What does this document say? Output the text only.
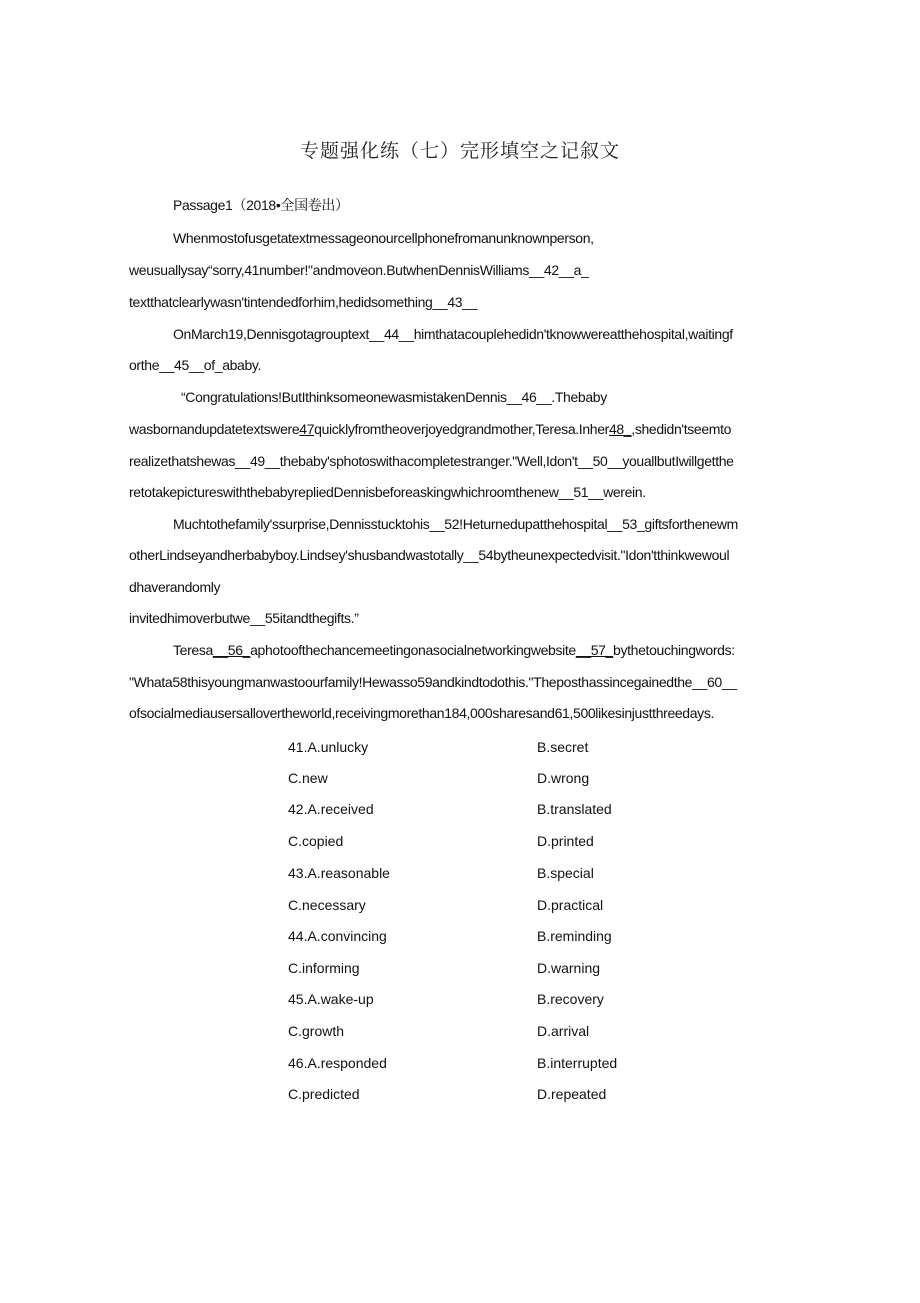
专题强化练（七）完形填空之记叙文
Passage1（2018•全国卷出）
Whenmostofusgetatextmessageonourcellphonefromanunknownperson,
weusuallysay“sorry,41number!"andmoveon.ButwhenDennisWilliams__42__a_
textthatclearlywasn'tintendedforhim,hedidsomething__43__
OnMarch19,Dennisgotagrouptext__44__himthatacouplehedidn'tknowwereatthehospital,waitingf
orthe__45__of_ababy.
“Congratulations!ButIthinksomeonewasmistakenDennis__46__.Thebaby
wasbornandupdatetextswere47quicklyfromtheoverjoyedgrandmother,Teresa.Inher48_,shedidn'tseemto
realizethatshewas__49__thebaby'sphotoswithacompletestranger."Well,Idon't__50__youallbutIwillgetthe
retotakepictureswiththebabyrepliedDennisbeforeaskingwhichroomthenew__51__werein.
Muchtothefamily'ssurprise,Dennisstucktohis__52!Heturnedupatthehospital__53_giftsforthenewm
otherLindseyandherbabyboy.Lindsey'shusbandwastotally__54bytheunexpectedvisit."Idon'tthinkwewoul
dhaverandomly
invitedhimoverbutwe__55itandthegifts.”
Teresa__56_aphotoofthechancemeetingonasocialnetworkingwebsite__57_bythetouchingwords:
"Whata58thisyoungmanwastoourfamily!Hewasso59andkindtodothis."Theposthassincegainedthe__60__
ofsocialmediausersallovertheworld,receivingmorethan184,000sharesand61,500likesinjustthreedays.
41.A.unlucky	B.secret
C.new	D.wrong
42.A.received	B.translated
C.copied	D.printed
43.A.reasonable	B.special
C.necessary	D.practical
44.A.convincing	B.reminding
C.informing	D.warning
45.A.wake-up	B.recovery
C.growth	D.arrival
46.A.responded	B.interrupted
C.predicted	D.repeated
